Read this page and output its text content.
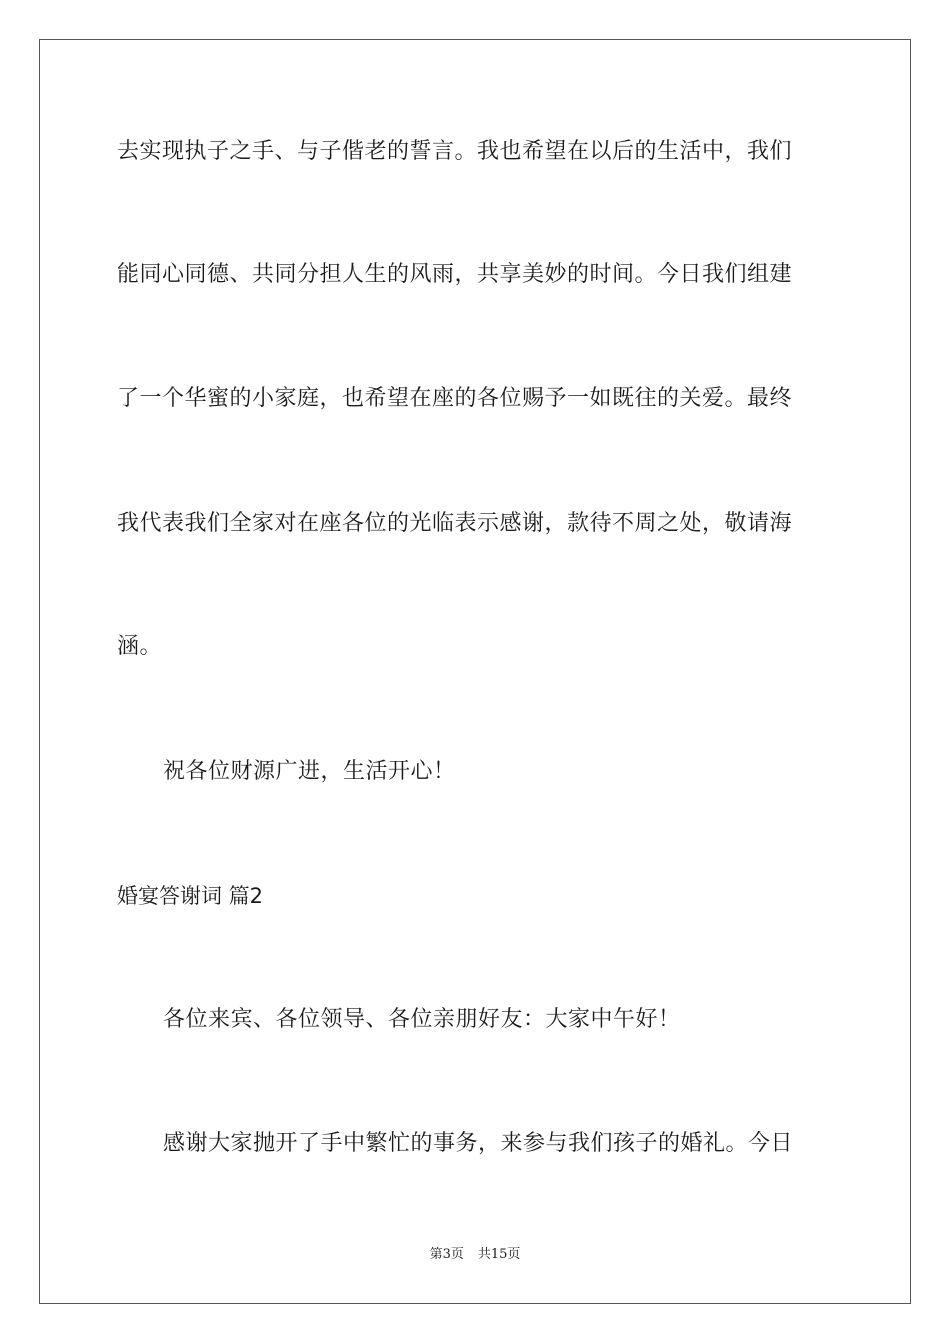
去实现执子之手、与子偕老的誓言。我也希望在以后的生活中，我们
能同心同德、共同分担人生的风雨，共享美妙的时间。今日我们组建
了一个华蜜的小家庭，也希望在座的各位赐予一如既往的关爱。最终
我代表我们全家对在座各位的光临表示感谢，款待不周之处，敬请海
涵。
祝各位财源广进，生活开心！
婚宴答谢词 篇2
各位来宾、各位领导、各位亲朋好友：大家中午好！
感谢大家抛开了手中繁忙的事务，来参与我们孩子的婚礼。今日
第3页 共15页
